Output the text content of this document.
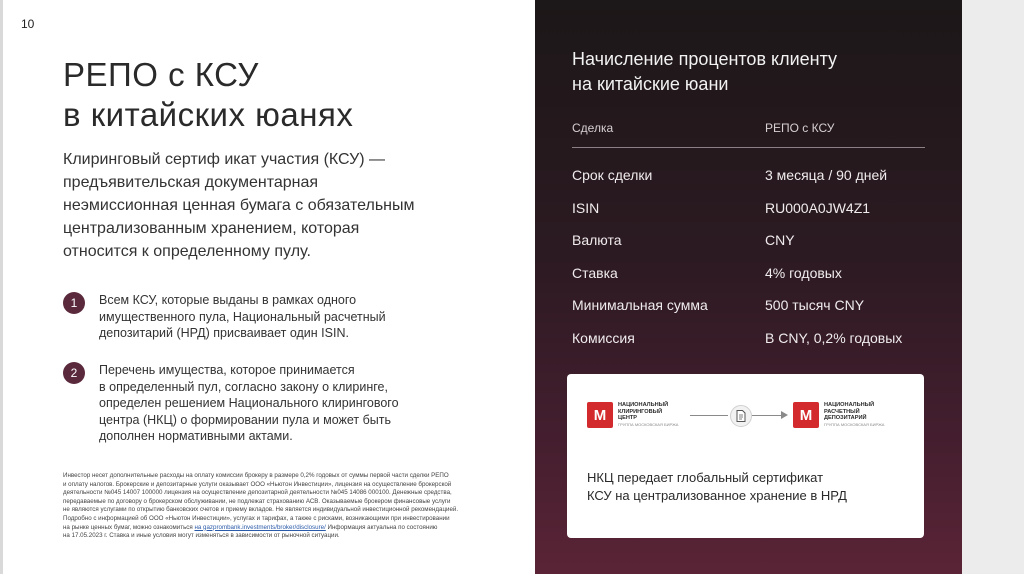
10
РЕПО с КСУ
в китайских юанях
Клиринговый сертиф икат участия (КСУ) —
предъявительская документарная
неэмиссионная ценная бумага с обязательным
централизованным хранением, которая
относится к определенному пулу.
1	Всем КСУ, которые выданы в рамках одного
имущественного пула, Национальный расчетный
депозитарий (НРД) присваивает один ISIN.
2	Перечень имущества, которое принимается
в определенный пул, согласно закону о клиринге,
определен решением Национального клирингового
центра (НКЦ) о формировании пула и может быть
дополнен нормативными актами.
Инвестор несет дополнительные расходы на оплату комиссии брокеру в размере 0,2% годовых от суммы первой части сделки РЕПО
и оплату налогов. Брокерские и депозитарные услуги оказывает ООО «Ньютон Инвестиции», лицензия на осуществление брокерской
деятельности №045 14007 100000 лицензия на осуществление депозитарной деятельности №045 14086 000100. Денежные средства,
передаваемые по договору о брокерском обслуживании, не подлежат страхованию АСВ. Оказываемые брокером финансовые услуги
не являются услугами по открытию банковских счетов и приему вкладов. Не является индивидуальной инвестиционной рекомендацией.
Подробно с информацией об ООО «Ньютон Инвестиции», услугах и тарифах, а также с рисками, возникающими при инвестировании
на рынке ценных бумаг, можно ознакомиться на gazprombank.investments/broker/disclosure/ Информация актуальна по состоянию
на 17.05.2023 г. Ставка и иные условия могут изменяться в зависимости от рыночной ситуации.
Начисление процентов клиенту
на китайские юани
Сделка	РЕПО с КСУ
Срок сделки	3 месяца / 90 дней
ISIN	RU000A0JW4Z1
Валюта	CNY
Ставка	4% годовых
Минимальная сумма	500 тысяч CNY
Комиссия	В CNY, 0,2% годовых
M
НАЦИОНАЛЬНЫЙ
КЛИРИНГОВЫЙ
ЦЕНТР
ГРУППА МОСКОВСКАЯ БИРЖА
M
НАЦИОНАЛЬНЫЙ
РАСЧЕТНЫЙ
ДЕПОЗИТАРИЙ
ГРУППА МОСКОВСКАЯ БИРЖА
НКЦ передает глобальный сертификат
КСУ на централизованное хранение в НРД
